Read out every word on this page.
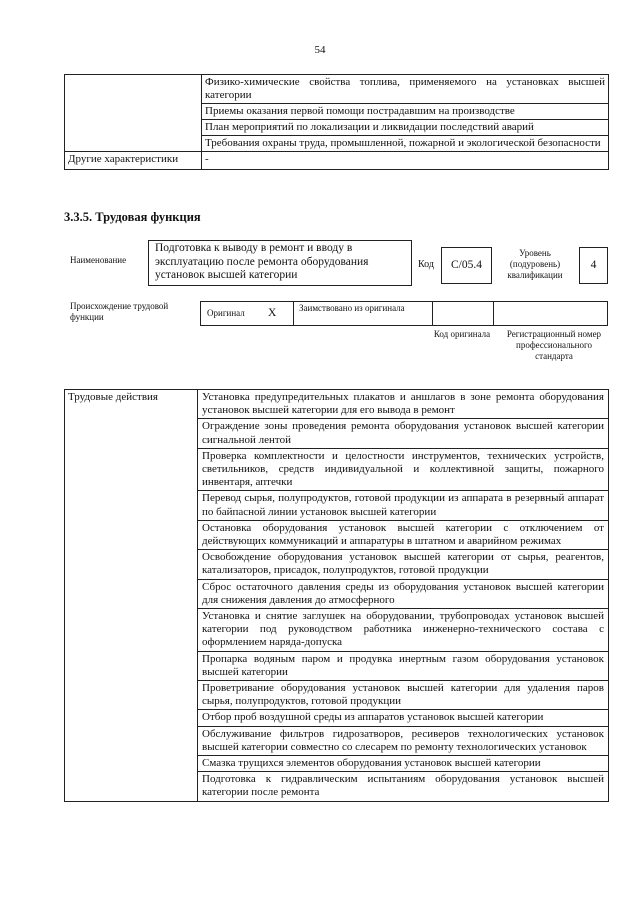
54
	Физико-химические свойства топлива, применяемого на установках высшей категории
	Приемы оказания первой помощи пострадавшим на производстве
	План мероприятий по локализации и ликвидации последствий аварий
	Требования охраны труда, промышленной, пожарной и экологической безопасности
Другие характеристики	-
3.3.5. Трудовая функция
Наименование
Подготовка к выводу в ремонт и вводу в эксплуатацию после ремонта оборудования установок высшей категории
Код	C/05.4
Уровень (подуровень) квалификации
4
Происхождение трудовой функции	Оригинал X	Заимствовано из оригинала
Код оригинала	Регистрационный номер профессионального стандарта
Трудовые действия	Установка предупредительных плакатов и аншлагов в зоне ремонта оборудования установок высшей категории для его вывода в ремонт
Ограждение зоны проведения ремонта оборудования установок высшей категории сигнальной лентой
Проверка комплектности и целостности инструментов, технических устройств, светильников, средств индивидуальной и коллективной защиты, пожарного инвентаря, аптечки
Перевод сырья, полупродуктов, готовой продукции из аппарата в резервный аппарат по байпасной линии установок высшей категории
Остановка оборудования установок высшей категории с отключением от действующих коммуникаций и аппаратуры в штатном и аварийном режимах
Освобождение оборудования установок высшей категории от сырья, реагентов, катализаторов, присадок, полупродуктов, готовой продукции
Сброс остаточного давления среды из оборудования установок высшей категории для снижения давления до атмосферного
Установка и снятие заглушек на оборудовании, трубопроводах установок высшей категории под руководством работника инженерно-технического состава с оформлением наряда-допуска
Пропарка водяным паром и продувка инертным газом оборудования установок высшей категории
Проветривание оборудования установок высшей категории для удаления паров сырья, полупродуктов, готовой продукции
Отбор проб воздушной среды из аппаратов установок высшей категории
Обслуживание фильтров гидрозатворов, ресиверов технологических установок высшей категории совместно со слесарем по ремонту технологических установок
Смазка трущихся элементов оборудования установок высшей категории
Подготовка к гидравлическим испытаниям оборудования установок высшей категории после ремонта
